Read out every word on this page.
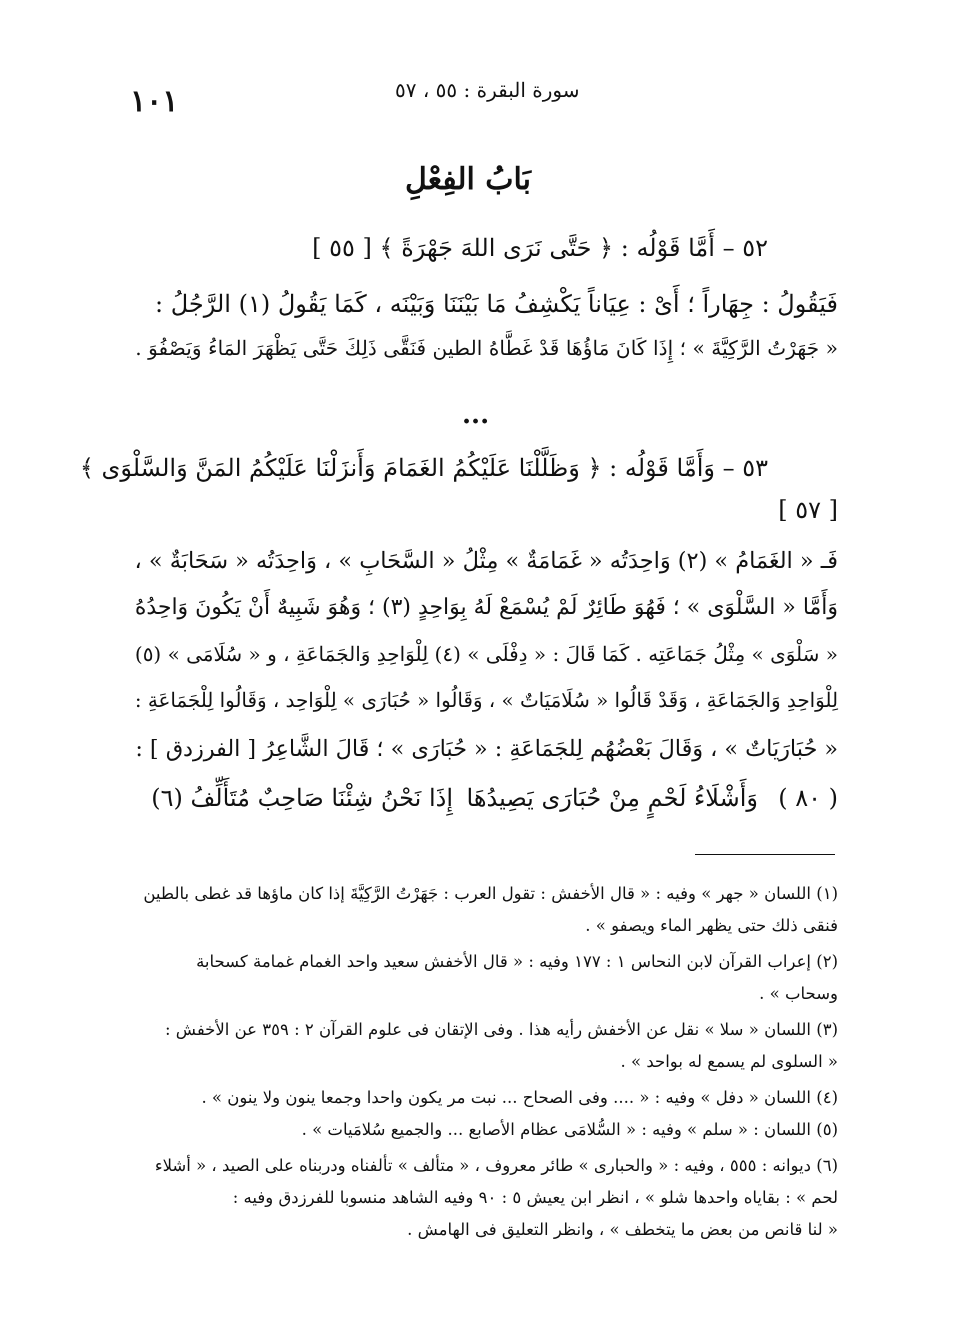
١٠١	سورة البقرة : ٥٥ ، ٥٧
بَابُ الفِعْلِ
٥٢ – أَمَّا قَوْلُه : ﴿ حَتَّى نَرَى اللهَ جَهْرَةً ﴾ [ ٥٥ ]
فَيَقُولُ : جِهَاراً ؛ أَىْ : عِيَاناً يَكْشِفُ مَا بَيْنَنَا وَبَيْنَه ، كَمَا يَقُولُ (١) الرَّجُلُ :
« جَهَرْتُ الرَّكِيَّةَ » ؛ إِذَا كَانَ مَاؤُهَا قَدْ غَطَّاهُ الطين فَنَقَّى ذَلِكَ حَتَّى يَظْهَرَ المَاءُ وَيَصْفُوَ .
...
٥٣ – وَأَمَّا قَوْلُه : ﴿ وَظَلَّلْنَا عَلَيْكُمُ الغَمَامَ وَأَنزَلْنَا عَلَيْكُمُ المَنَّ وَالسَّلْوَى ﴾
[ ٥٧ ]
فَـ « الغَمَامُ » (٢) وَاحِدَتُه « غَمَامَةٌ » مِثْلُ « السَّحَابِ » ، وَاحِدَتُه « سَحَابَةٌ » ،
وَأَمَّا « السَّلْوَى » ؛ فَهُوَ طَائِرٌ لَمْ يُسْمَعْ لَهُ بِوَاحِدٍ (٣) ؛ وَهُوَ شَبِيهٌ أَنْ يَكُونَ وَاحِدُهُ
« سَلْوَى » مِثْلُ جَمَاعَتِه . كَمَا قَالَ : « دِفْلَى » (٤) لِلْوَاحِدِ وَالجَمَاعَةِ ، و « سُلَامَى » (٥)
لِلْوَاحِدِ وَالجَمَاعَةِ ، وَقَدْ قَالُوا « سُلَامَيَاتٌ » ، وَقَالُوا « حُبَارَى » لِلْوَاحِد ، وَقَالُوا لِلْجَمَاعَةِ :
« حُبَارَيَاتٌ » ، وَقَالَ بَعْضُهُم لِلجَمَاعَةِ : « حُبَارَى » ؛ قَالَ الشَّاعِرُ [ الفرزدق ] :
( ٨٠ )
وَأَشْلَاءُ لَحْمٍ مِنْ حُبَارَى يَصِيدُهَا
إِذَا نَحْنُ شِئْنَا صَاحِبٌ مُتَأَلِّفُ (٦)
(١) اللسان « جهر » وفيه : « قال الأخفش : تقول العرب : جَهَرْتُ الرَّكِيَّةَ إذا كان ماؤها قد غطى بالطين
فنقى ذلك حتى يظهر الماء ويصفو » .
(٢) إعراب القرآن لابن النحاس ١ : ١٧٧ وفيه : « قال الأخفش سعيد واحد الغمام غمامة كسحابة
وسحاب » .
(٣) اللسان « سلا » نقل عن الأخفش رأيه هذا . وفى الإتقان فى علوم القرآن ٢ : ٣٥٩ عن الأخفش :
« السلوى لم يسمع له بواحد » .
(٤) اللسان « دفل » وفيه : « .... وفى الصحاح ... نبت مر يكون واحدا وجمعا ينون ولا ينون » .
(٥) اللسان : « سلم » وفيه : « السُّلامَى عظام الأصابع ... والجميع سُلامَيات » .
(٦) ديوانه : ٥٥٥ ، وفيه : « والحبارى » طائر معروف ، « متألف » تألفناه ودربناه على الصيد ، « أشلاء
لحم » : بقاياه واحدها شلو » ، انظر ابن يعيش ٥ : ٩٠ وفيه الشاهد منسوبا للفرزدق وفيه :
« لنا قانص من بعض ما يتخطف » ، وانظر التعليق فى الهامش .
